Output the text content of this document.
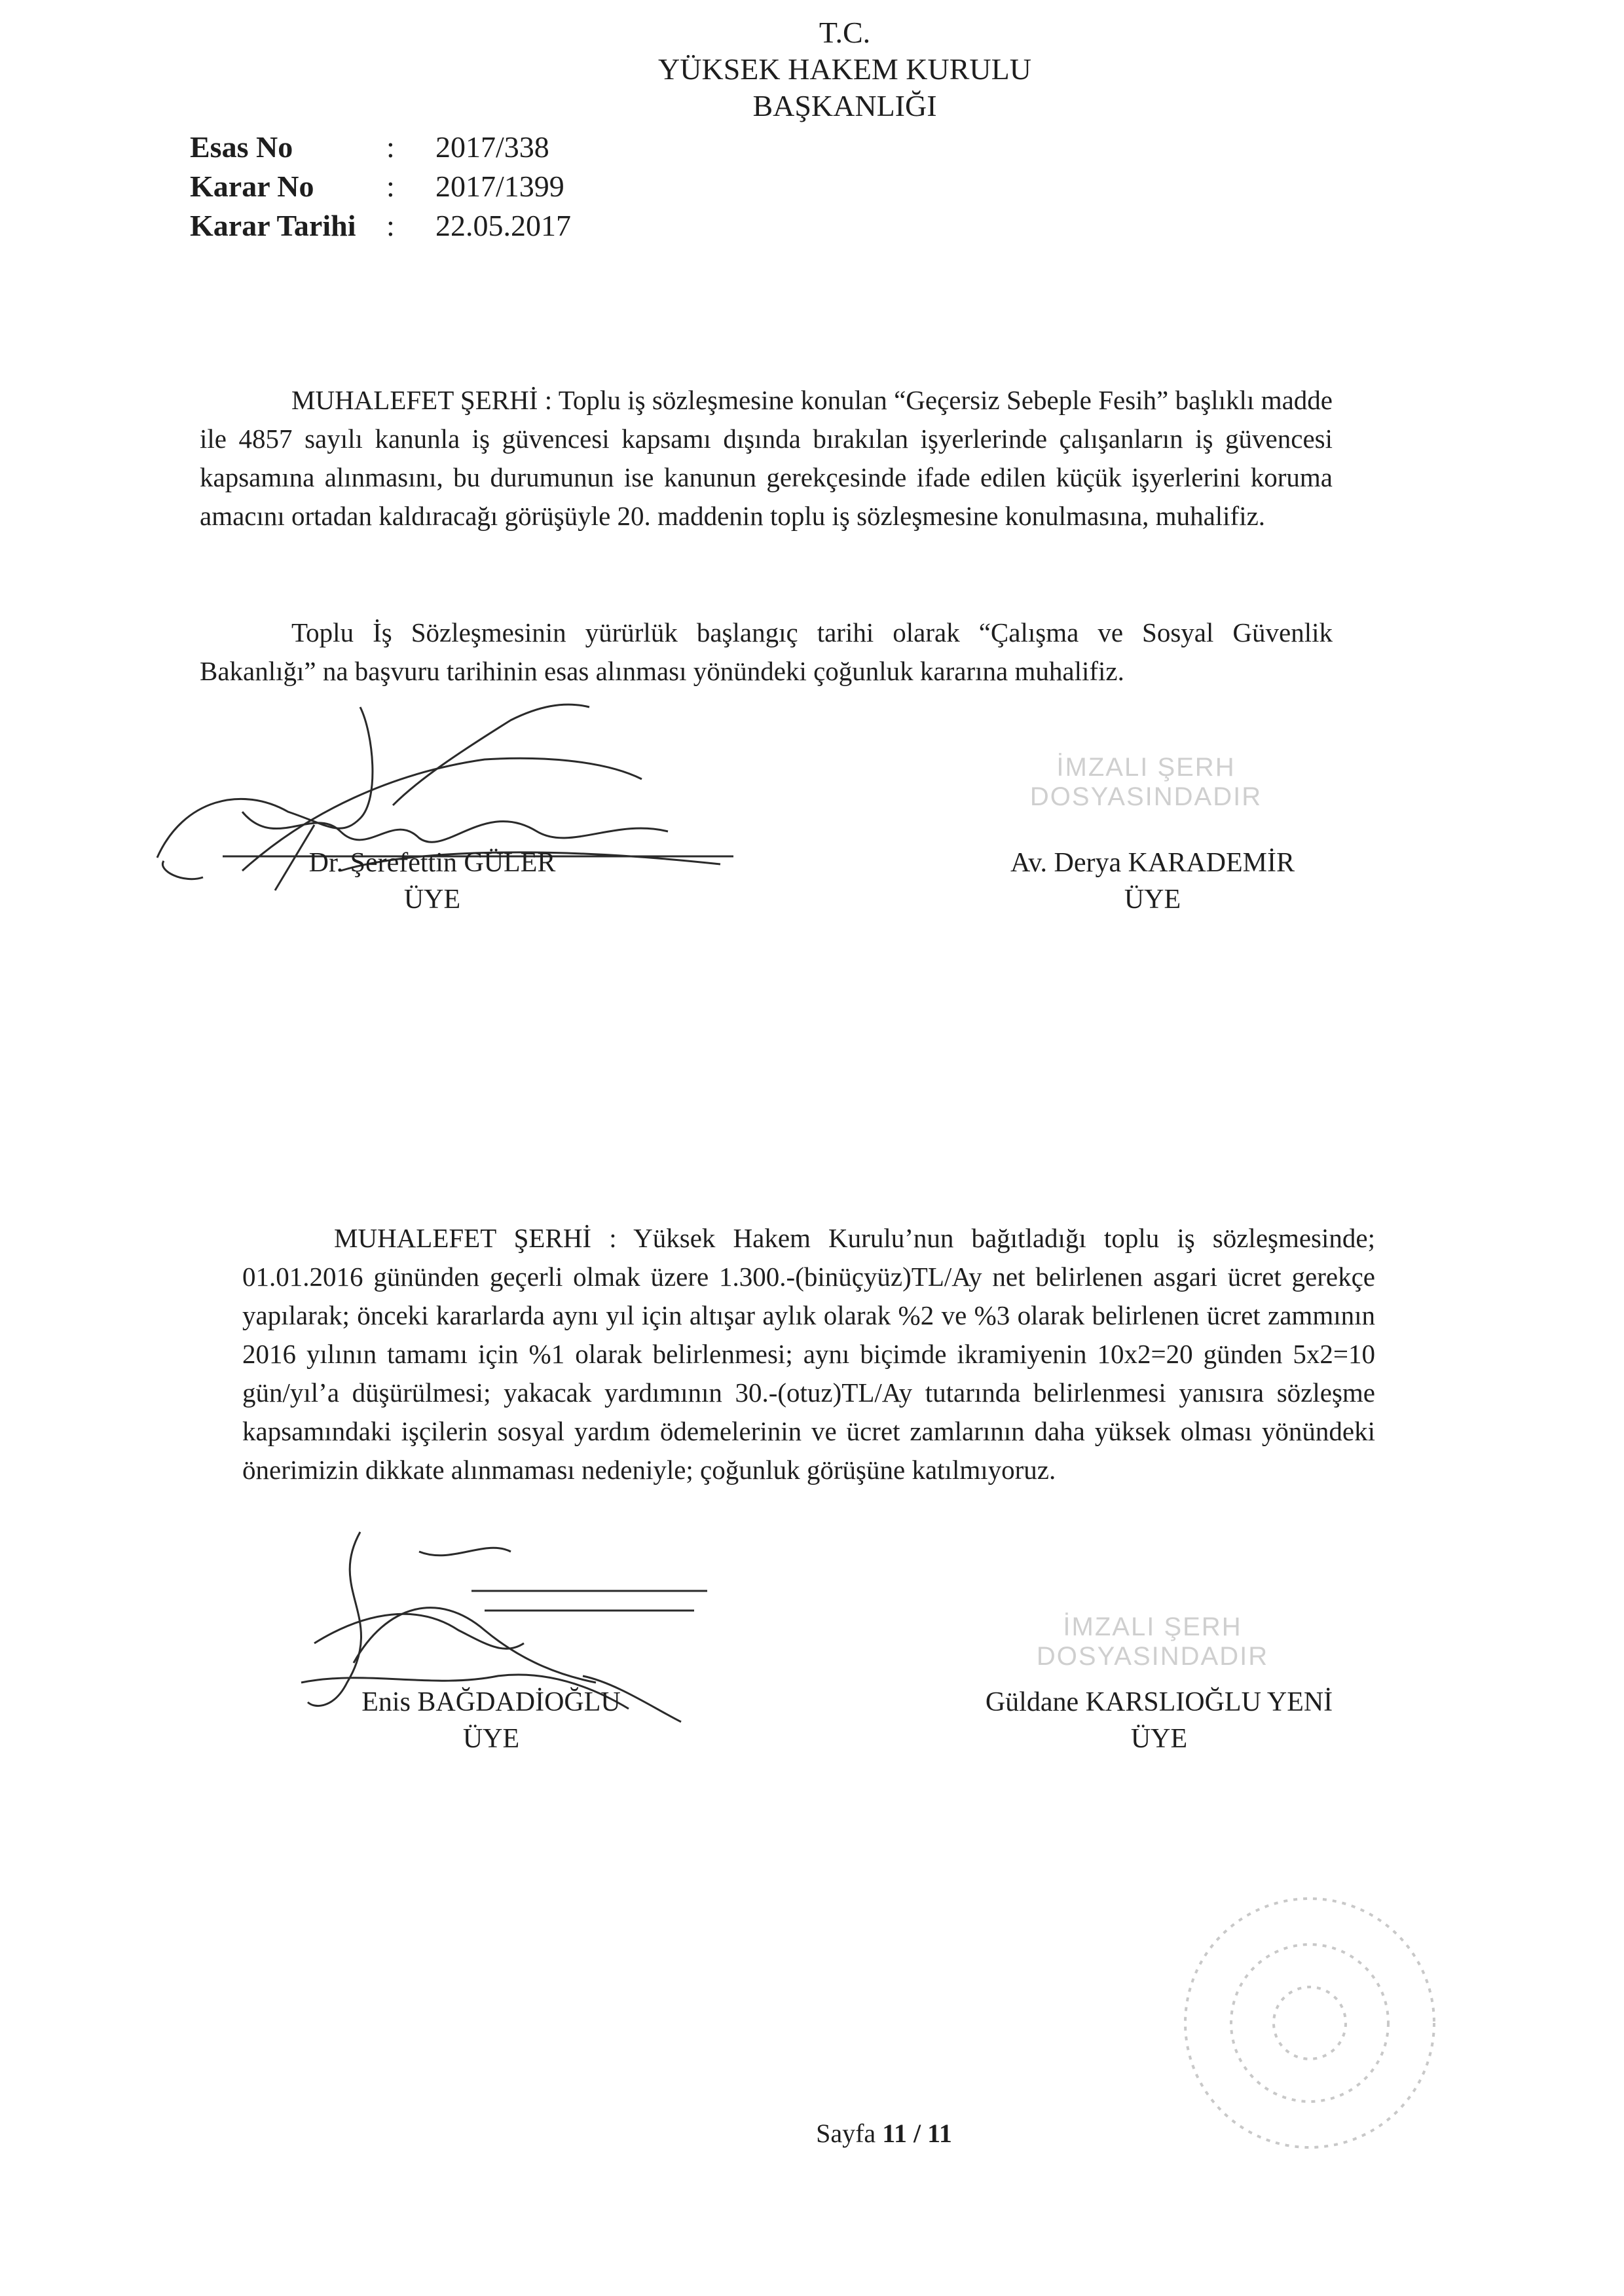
T.C.
YÜKSEK HAKEM KURULU
BAŞKANLIĞI
Esas No	:	2017/338
Karar No	:	2017/1399
Karar Tarihi	:	22.05.2017
MUHALEFET ŞERHİ : Toplu iş sözleşmesine konulan “Geçersiz Sebeple Fesih” başlıklı madde ile 4857 sayılı kanunla iş güvencesi kapsamı dışında bırakılan işyerlerinde çalışanların iş güvencesi kapsamına alınmasını, bu durumunun ise kanunun gerekçesinde ifade edilen küçük işyerlerini koruma amacını ortadan kaldıracağı görüşüyle 20. maddenin toplu iş sözleşmesine konulmasına, muhalifiz.
Toplu İş Sözleşmesinin yürürlük başlangıç tarihi olarak “Çalışma ve Sosyal Güvenlik Bakanlığı” na başvuru tarihinin esas alınması yönündeki çoğunluk kararına muhalifiz.
Dr. Şerefettin GÜLER
ÜYE
İMZALI ŞERH DOSYASINDADIR
Av. Derya KARADEMİR
ÜYE
MUHALEFET ŞERHİ : Yüksek Hakem Kurulu’nun bağıtladığı toplu iş sözleşmesinde; 01.01.2016 gününden geçerli olmak üzere 1.300.-(binüçyüz)TL/Ay net belirlenen asgari ücret gerekçe yapılarak; önceki kararlarda aynı yıl için altışar aylık olarak %2 ve %3 olarak belirlenen ücret zammının 2016 yılının tamamı için %1 olarak belirlenmesi; aynı biçimde ikramiyenin 10x2=20 günden 5x2=10 gün/yıl’a düşürülmesi; yakacak yardımının 30.-(otuz)TL/Ay tutarında belirlenmesi yanısıra sözleşme kapsamındaki işçilerin sosyal yardım ödemelerinin ve ücret zamlarının daha yüksek olması yönündeki önerimizin dikkate alınmaması nedeniyle; çoğunluk görüşüne katılmıyoruz.
Enis BAĞDADİOĞLU
ÜYE
İMZALI ŞERH DOSYASINDADIR
Güldane KARSLIOĞLU YENİ
ÜYE
Sayfa 11 / 11
